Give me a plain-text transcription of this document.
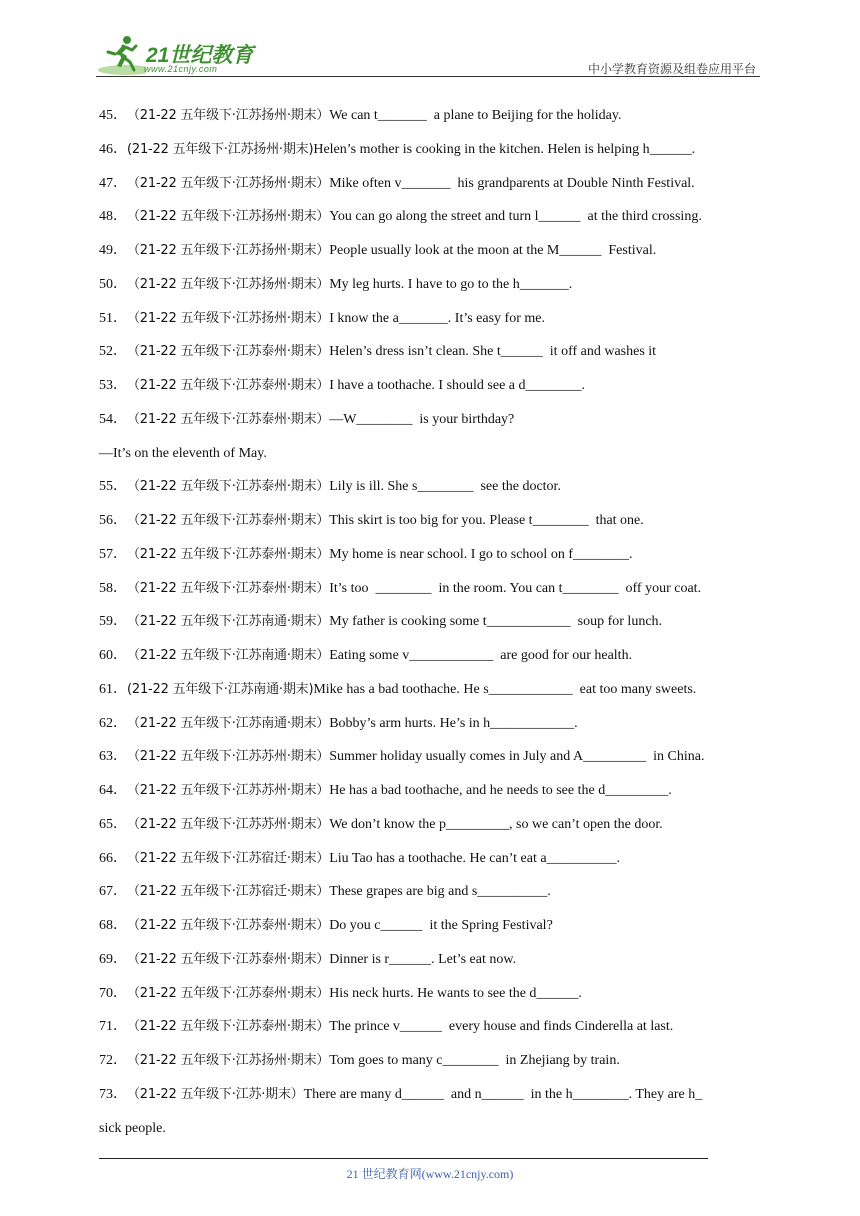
21世纪教育
www.21cnjy.com	中小学教育资源及组卷应用平台
45．（21-22 五年级下·江苏扬州·期末）We can t_______  a plane to Beijing for the holiday.
46．(21-22 五年级下·江苏扬州·期末)Helen’s mother is cooking in the kitchen. Helen is helping h______.
47．（21-22 五年级下·江苏扬州·期末）Mike often v_______  his grandparents at Double Ninth Festival.
48．（21-22 五年级下·江苏扬州·期末）You can go along the street and turn l______  at the third crossing.
49．（21-22 五年级下·江苏扬州·期末）People usually look at the moon at the M______  Festival.
50．（21-22 五年级下·江苏扬州·期末）My leg hurts. I have to go to the h_______.
51．（21-22 五年级下·江苏扬州·期末）I know the a_______. It’s easy for me.
52．（21-22 五年级下·江苏泰州·期末）Helen’s dress isn’t clean. She t______  it off and washes it
53．（21-22 五年级下·江苏泰州·期末）I have a toothache. I should see a d________.
54．（21-22 五年级下·江苏泰州·期末）—W________  is your birthday?
—It’s on the eleventh of May.
55．（21-22 五年级下·江苏泰州·期末）Lily is ill. She s________  see the doctor.
56．（21-22 五年级下·江苏泰州·期末）This skirt is too big for you. Please t________  that one.
57．（21-22 五年级下·江苏泰州·期末）My home is near school. I go to school on f________.
58．（21-22 五年级下·江苏泰州·期末）It’s too  ________  in the room. You can t________  off your coat.
59．（21-22 五年级下·江苏南通·期末）My father is cooking some t____________  soup for lunch.
60．（21-22 五年级下·江苏南通·期末）Eating some v____________  are good for our health.
61．(21-22 五年级下·江苏南通·期末)Mike has a bad toothache. He s____________  eat too many sweets.
62．（21-22 五年级下·江苏南通·期末）Bobby’s arm hurts. He’s in h____________.
63．（21-22 五年级下·江苏苏州·期末）Summer holiday usually comes in July and A_________  in China.
64．（21-22 五年级下·江苏苏州·期末）He has a bad toothache, and he needs to see the d_________.
65．（21-22 五年级下·江苏苏州·期末）We don’t know the p_________, so we can’t open the door.
66．（21-22 五年级下·江苏宿迁·期末）Liu Tao has a toothache. He can’t eat a__________.
67．（21-22 五年级下·江苏宿迁·期末）These grapes are big and s__________.
68．（21-22 五年级下·江苏泰州·期末）Do you c______  it the Spring Festival?
69．（21-22 五年级下·江苏泰州·期末）Dinner is r______. Let’s eat now.
70．（21-22 五年级下·江苏泰州·期末）His neck hurts. He wants to see the d______.
71．（21-22 五年级下·江苏泰州·期末）The prince v______  every house and finds Cinderella at last.
72．（21-22 五年级下·江苏扬州·期末）Tom goes to many c________  in Zhejiang by train.
73．（21-22 五年级下·江苏·期末）There are many d______  and n______  in the h________. They are h_
sick people.
21 世纪教育网(www.21cnjy.com)
